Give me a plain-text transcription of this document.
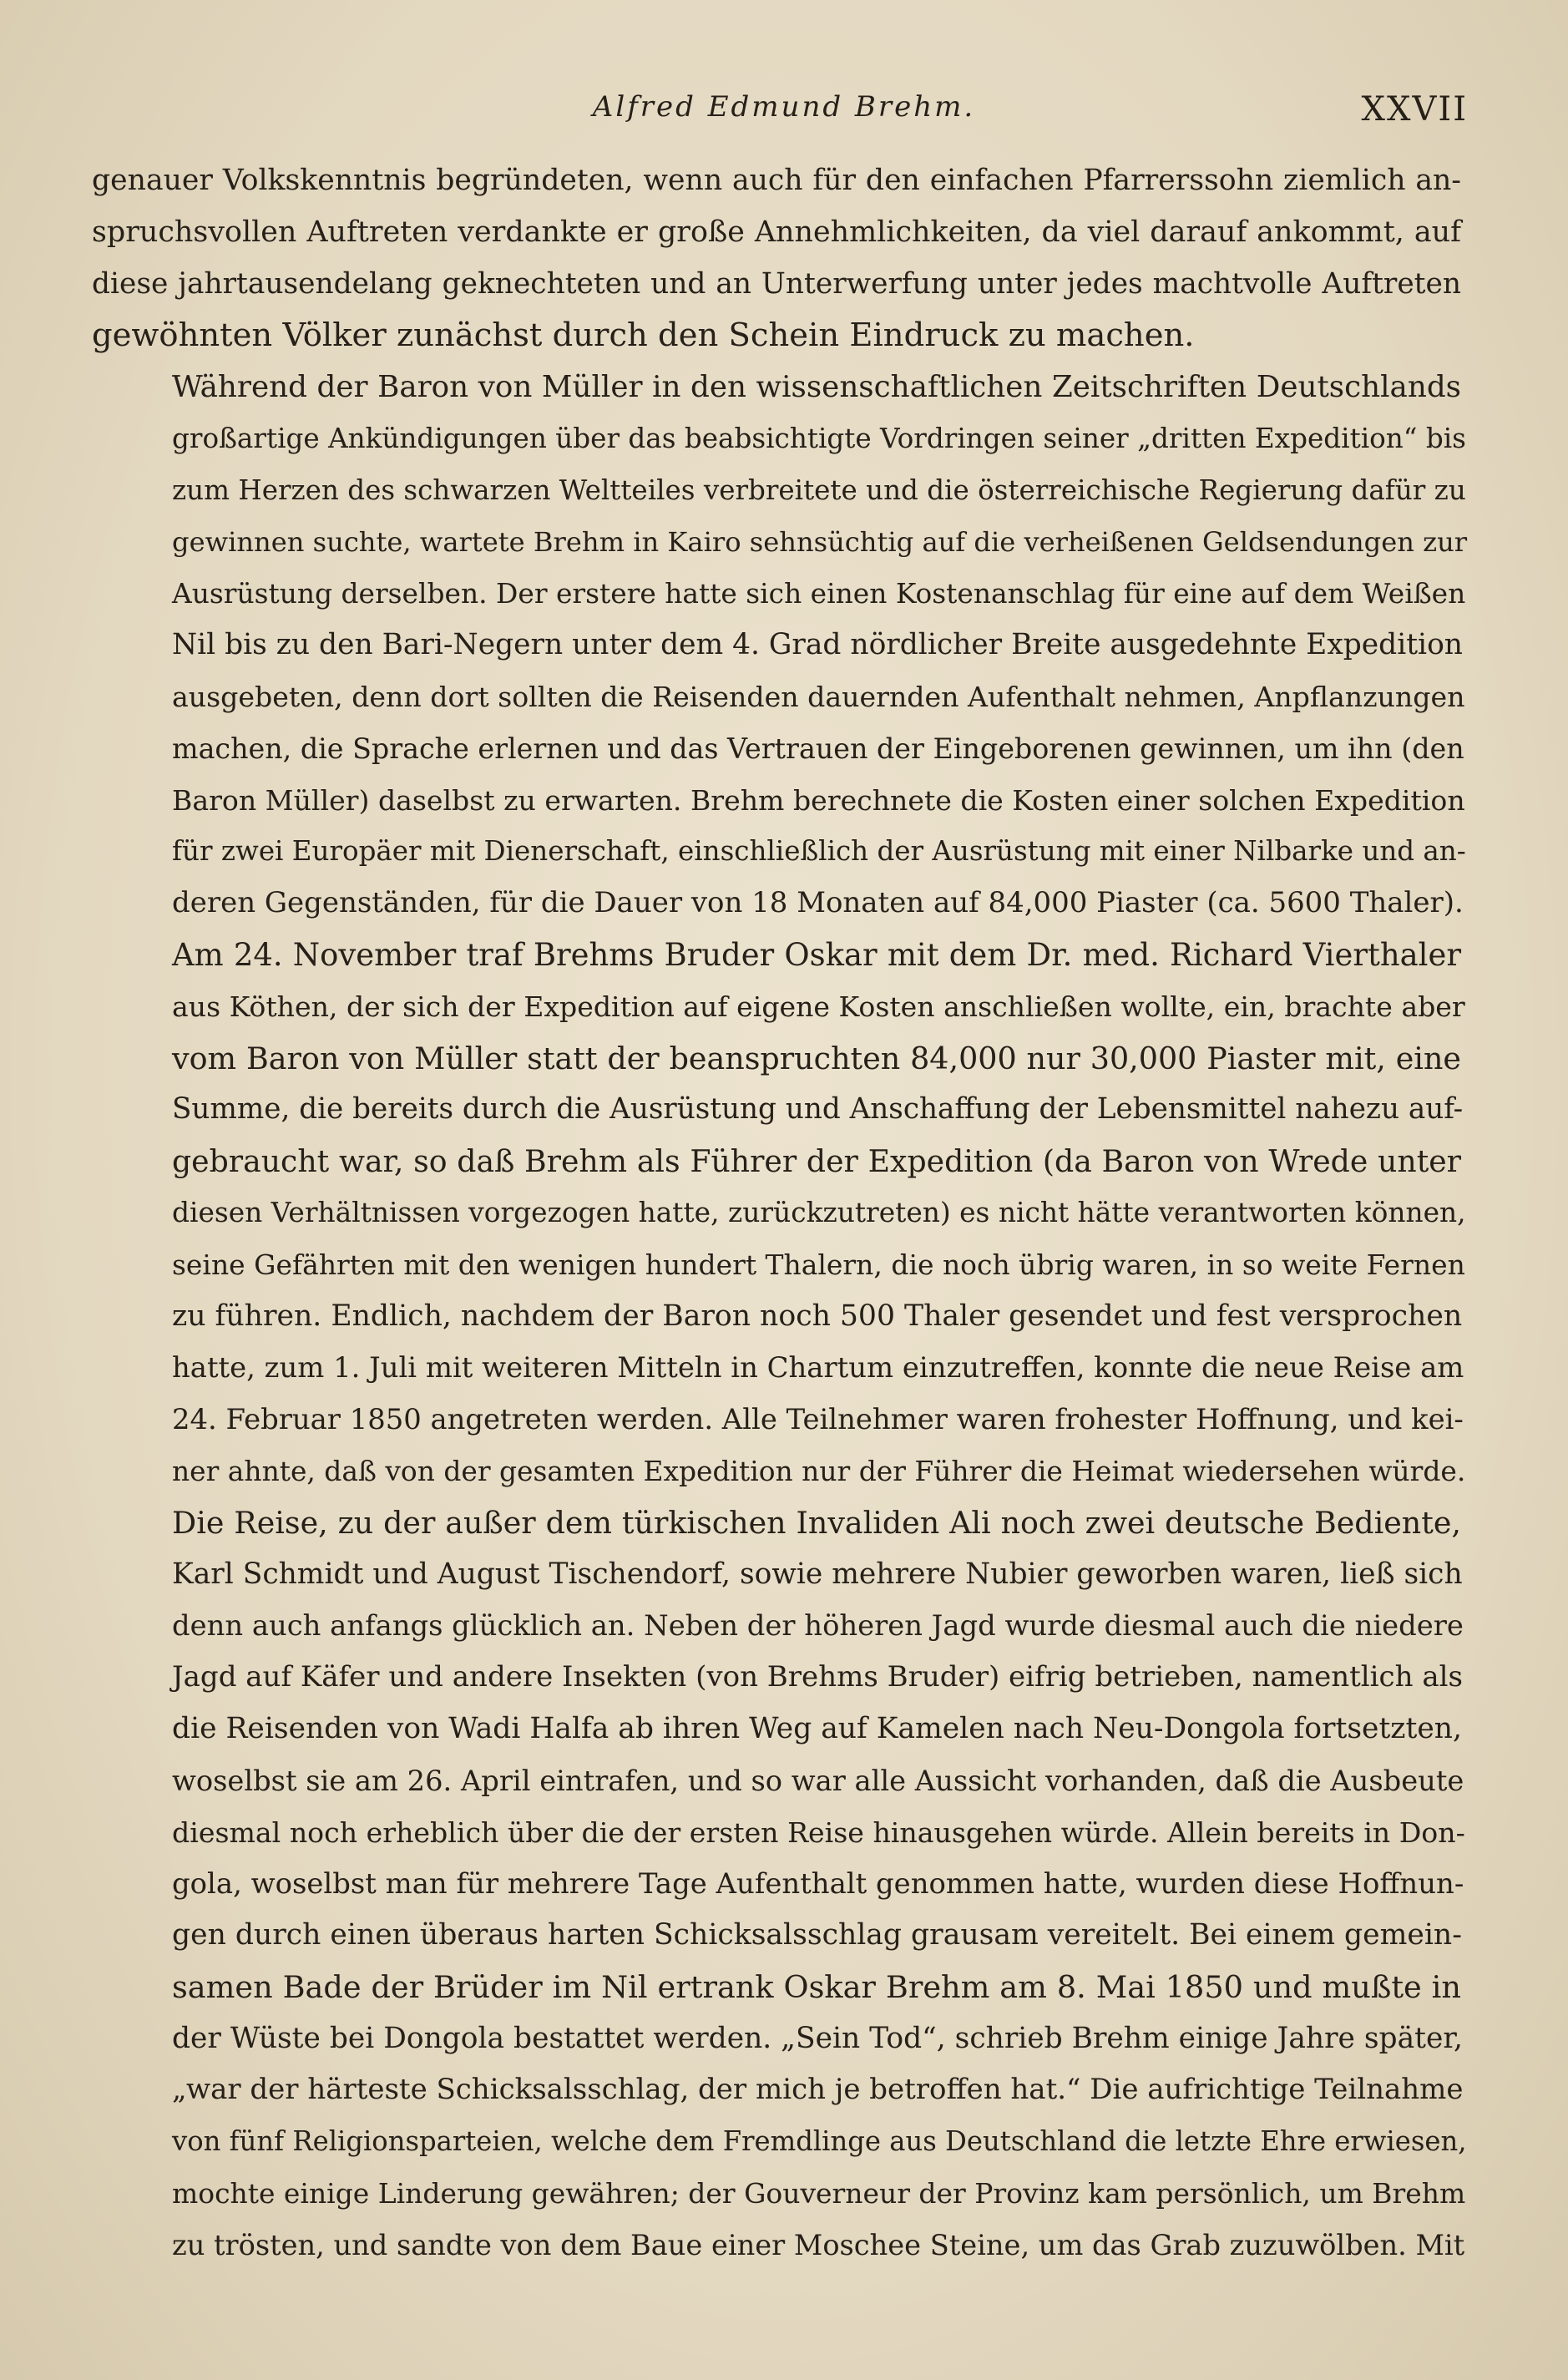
Alfred Edmund Brehm.	XXVII

genauer Volkskenntnis begründeten, wenn auch für den einfachen Pfarrerssohn ziemlich an-
spruchsvollen Auftreten verdankte er große Annehmlichkeiten, da viel darauf ankommt, auf
diese jahrtausendelang geknechteten und an Unterwerfung unter jedes machtvolle Auftreten
gewöhnten Völker zunächst durch den Schein Eindruck zu machen.

Während der Baron von Müller in den wissenschaftlichen Zeitschriften Deutschlands
großartige Ankündigungen über das beabsichtigte Vordringen seiner „dritten Expedition“ bis
zum Herzen des schwarzen Weltteiles verbreitete und die österreichische Regierung dafür zu
gewinnen suchte, wartete Brehm in Kairo sehnsüchtig auf die verheißenen Geldsendungen zur
Ausrüstung derselben. Der erstere hatte sich einen Kostenanschlag für eine auf dem Weißen
Nil bis zu den Bari-Negern unter dem 4. Grad nördlicher Breite ausgedehnte Expedition
ausgebeten, denn dort sollten die Reisenden dauernden Aufenthalt nehmen, Anpflanzungen
machen, die Sprache erlernen und das Vertrauen der Eingeborenen gewinnen, um ihn (den
Baron Müller) daselbst zu erwarten. Brehm berechnete die Kosten einer solchen Expedition
für zwei Europäer mit Dienerschaft, einschließlich der Ausrüstung mit einer Nilbarke und an-
deren Gegenständen, für die Dauer von 18 Monaten auf 84,000 Piaster (ca. 5600 Thaler).
Am 24. November traf Brehms Bruder Oskar mit dem Dr. med. Richard Vierthaler
aus Köthen, der sich der Expedition auf eigene Kosten anschließen wollte, ein, brachte aber
vom Baron von Müller statt der beanspruchten 84,000 nur 30,000 Piaster mit, eine
Summe, die bereits durch die Ausrüstung und Anschaffung der Lebensmittel nahezu auf-
gebraucht war, so daß Brehm als Führer der Expedition (da Baron von Wrede unter
diesen Verhältnissen vorgezogen hatte, zurückzutreten) es nicht hätte verantworten können,
seine Gefährten mit den wenigen hundert Thalern, die noch übrig waren, in so weite Fernen
zu führen. Endlich, nachdem der Baron noch 500 Thaler gesendet und fest versprochen
hatte, zum 1. Juli mit weiteren Mitteln in Chartum einzutreffen, konnte die neue Reise am
24. Februar 1850 angetreten werden. Alle Teilnehmer waren frohester Hoffnung, und kei-
ner ahnte, daß von der gesamten Expedition nur der Führer die Heimat wiedersehen würde.

Die Reise, zu der außer dem türkischen Invaliden Ali noch zwei deutsche Bediente,
Karl Schmidt und August Tischendorf, sowie mehrere Nubier geworben waren, ließ sich
denn auch anfangs glücklich an. Neben der höheren Jagd wurde diesmal auch die niedere
Jagd auf Käfer und andere Insekten (von Brehms Bruder) eifrig betrieben, namentlich als
die Reisenden von Wadi Halfa ab ihren Weg auf Kamelen nach Neu-Dongola fortsetzten,
woselbst sie am 26. April eintrafen, und so war alle Aussicht vorhanden, daß die Ausbeute
diesmal noch erheblich über die der ersten Reise hinausgehen würde. Allein bereits in Don-
gola, woselbst man für mehrere Tage Aufenthalt genommen hatte, wurden diese Hoffnun-
gen durch einen überaus harten Schicksalsschlag grausam vereitelt. Bei einem gemein-
samen Bade der Brüder im Nil ertrank Oskar Brehm am 8. Mai 1850 und mußte in
der Wüste bei Dongola bestattet werden. „Sein Tod“, schrieb Brehm einige Jahre später,
„war der härteste Schicksalsschlag, der mich je betroffen hat.“ Die aufrichtige Teilnahme
von fünf Religionsparteien, welche dem Fremdlinge aus Deutschland die letzte Ehre erwiesen,
mochte einige Linderung gewähren; der Gouverneur der Provinz kam persönlich, um Brehm
zu trösten, und sandte von dem Baue einer Moschee Steine, um das Grab zuzuwölben. Mit
